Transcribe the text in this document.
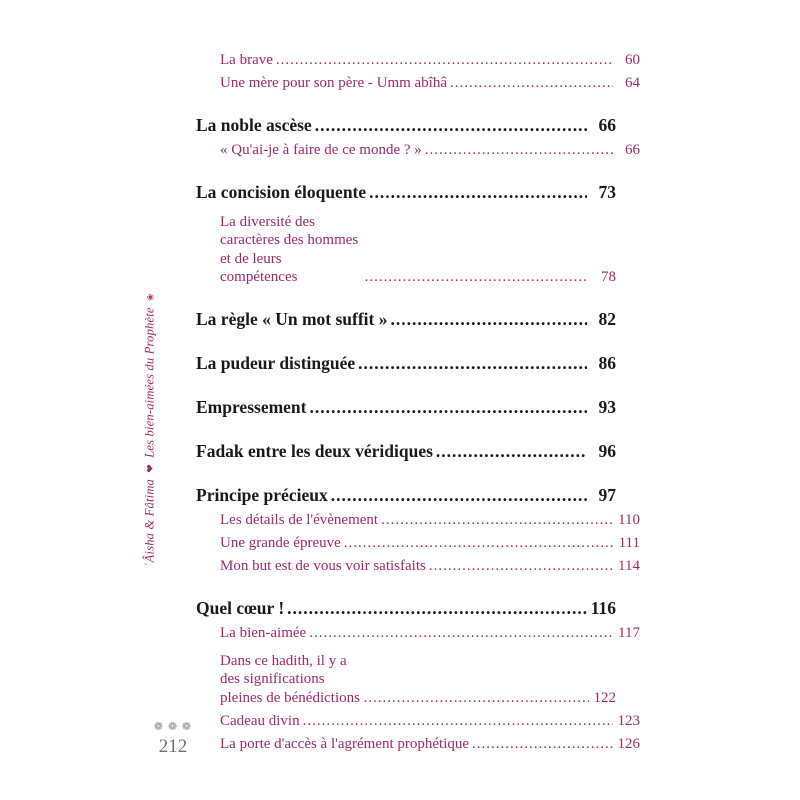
ʿÂisha & Fâtima ❤ Les bien-aimées du Prophète ❀
❁ ❁ ❁
212
La brave .....	60
Une mère pour son père - Umm abîhâ .....	64
La noble ascèse .....	66
« Qu'ai-je à faire de ce monde ? » .....	66
La concision éloquente .....	73
La diversité des caractères des hommes et de leurs compétences .....	78
La règle « Un mot suffit » .....	82
La pudeur distinguée .....	86
Empressement .....	93
Fadak entre les deux véridiques .....	96
Principe précieux .....	97
Les détails de l'évènement .....	110
Une grande épreuve .....	111
Mon but est de vous voir satisfaits .....	114
Quel cœur ! .....	116
La bien-aimée .....	117
Dans ce hadith, il y a des significations pleines de bénédictions .....	122
Cadeau divin .....	123
La porte d'accès à l'agrément prophétique .....	126
